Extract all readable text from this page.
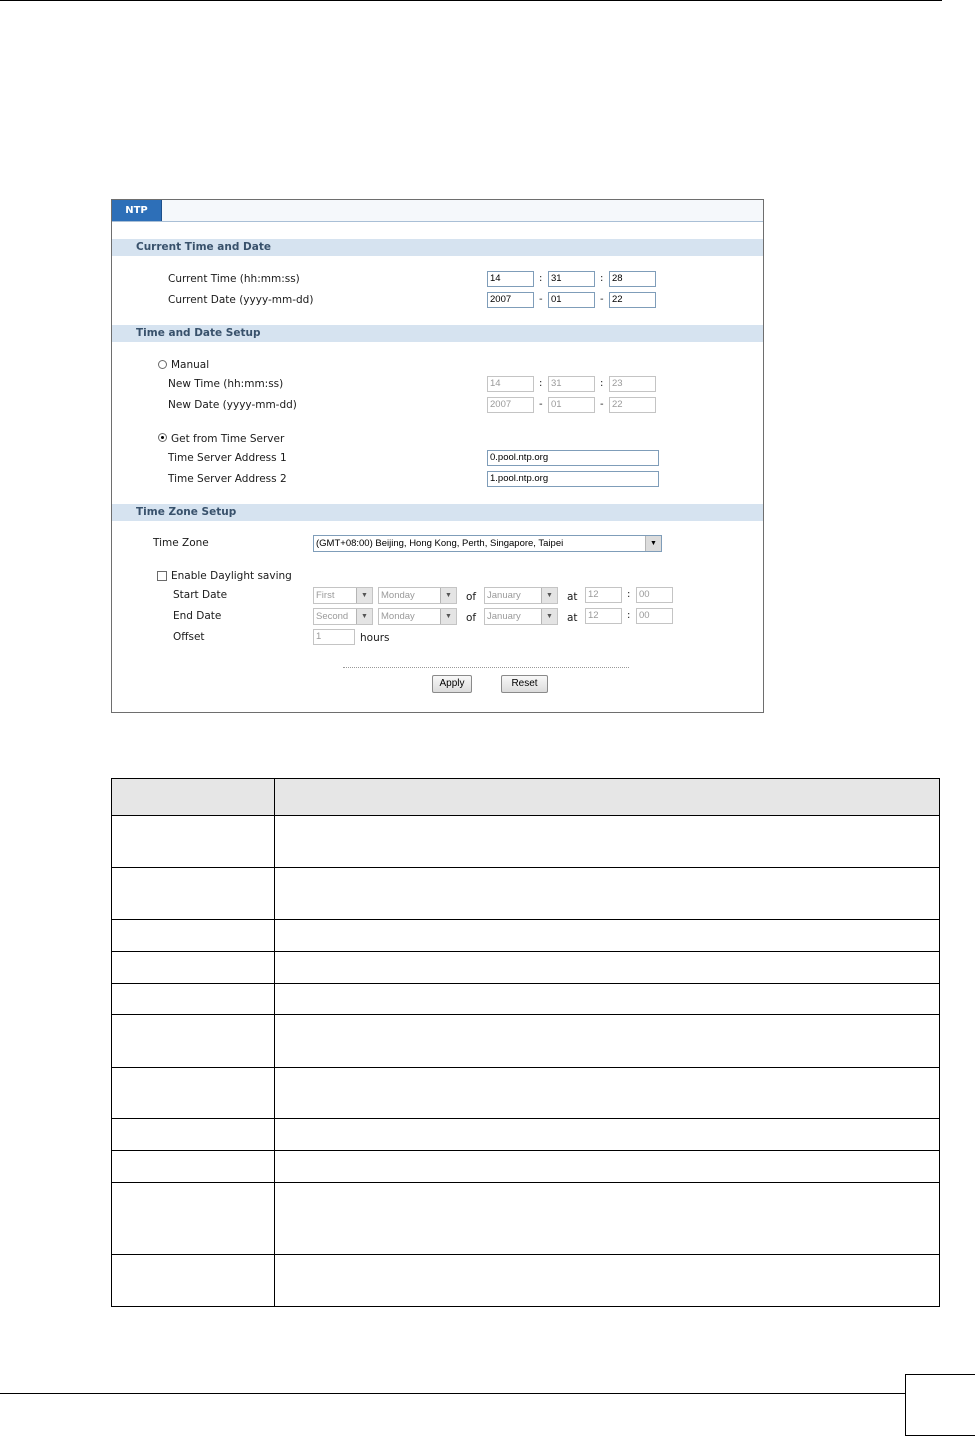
NTP
Current Time and Date
Current Time (hh:mm:ss)	14	: 31	: 28
Current Date (yyyy-mm-dd)	2007	- 01	- 22
Time and Date Setup
Manual
New Time (hh:mm:ss)	14	: 31	: 23
New Date (yyyy-mm-dd)	2007	- 01	- 22
Get from Time Server
Time Server Address 1	0.pool.ntp.org
Time Server Address 2	1.pool.ntp.org
Time Zone Setup
Time Zone	(GMT+08:00) Beijing, Hong Kong, Perth, Singapore, Taipei	▼
Enable Daylight saving
Start Date	First	▼	Monday	▼	of	January	▼	at	12	: 00
End Date	Second	▼	Monday	▼	of	January	▼	at	12	: 00
Offset	1	hours
Apply	Reset
